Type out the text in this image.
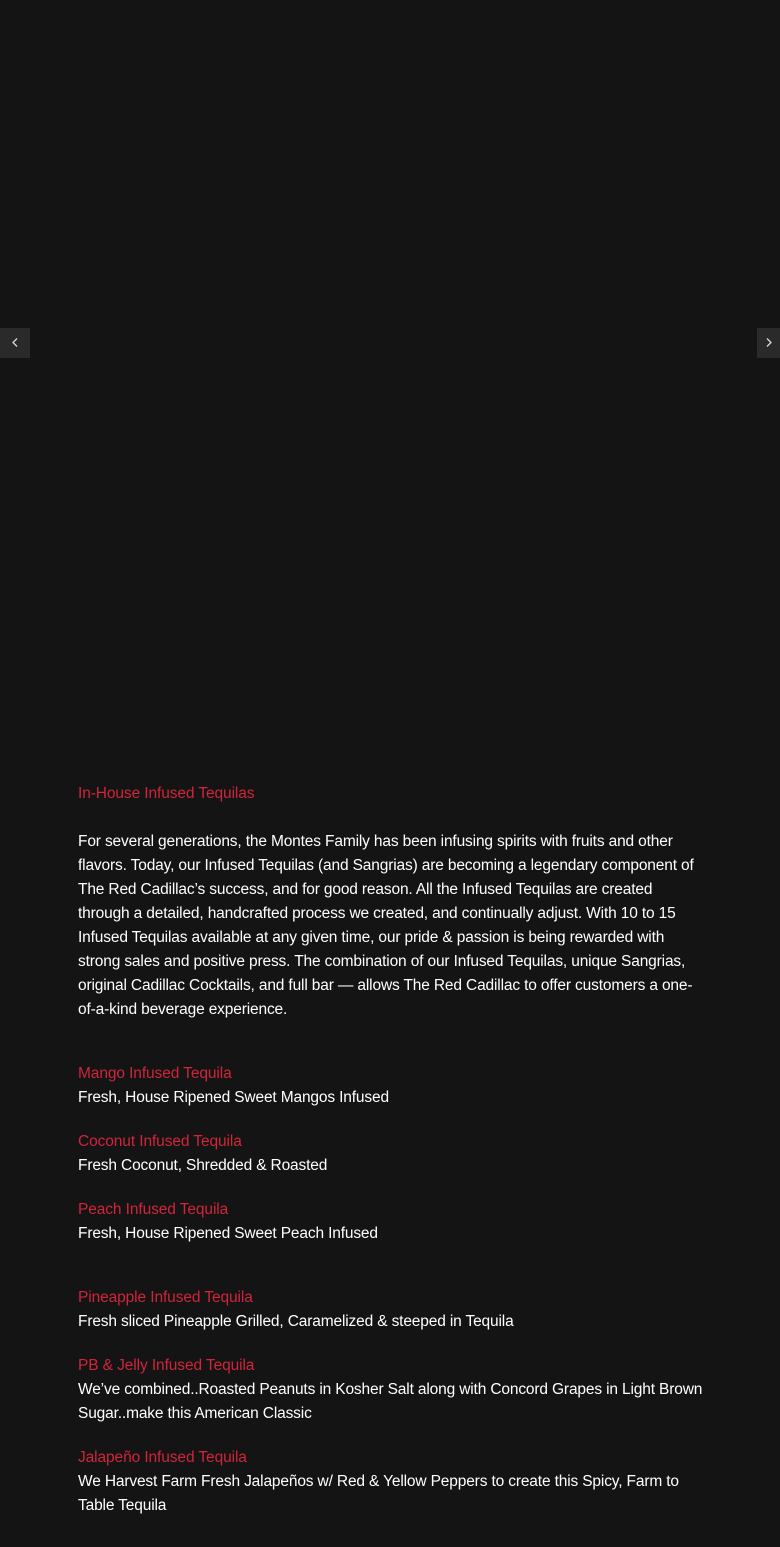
In-House Infused Tequilas

For several generations, the Montes Family has been infusing spirits with fruits and other flavors. Today, our Infused Tequilas (and Sangrias) are becoming a legendary component of The Red Cadillac’s success, and for good reason. All the Infused Tequilas are created through a detailed, handcrafted process we created, and continually adjust. With 10 to 15 Infused Tequilas available at any given time, our pride & passion is being rewarded with strong sales and positive press. The combination of our Infused Tequilas, unique Sangrias, original Cadillac Cocktails, and full bar — allows The Red Cadillac to offer customers a one-of-a-kind beverage experience.

Mango Infused Tequila

Fresh, House Ripened Sweet Mangos Infused

Coconut Infused Tequila

Fresh Coconut, Shredded & Roasted

Peach Infused Tequila

Fresh, House Ripened Sweet Peach Infused

Pineapple Infused Tequila

Fresh sliced Pineapple Grilled, Caramelized & steeped in Tequila

PB & Jelly Infused Tequila

We’ve combined..Roasted Peanuts in Kosher Salt along with Concord Grapes in Light Brown Sugar..make this American Classic

Jalapeño Infused Tequila

We Harvest Farm Fresh Jalapeños w/ Red & Yellow Peppers to create this Spicy, Farm to Table Tequila
